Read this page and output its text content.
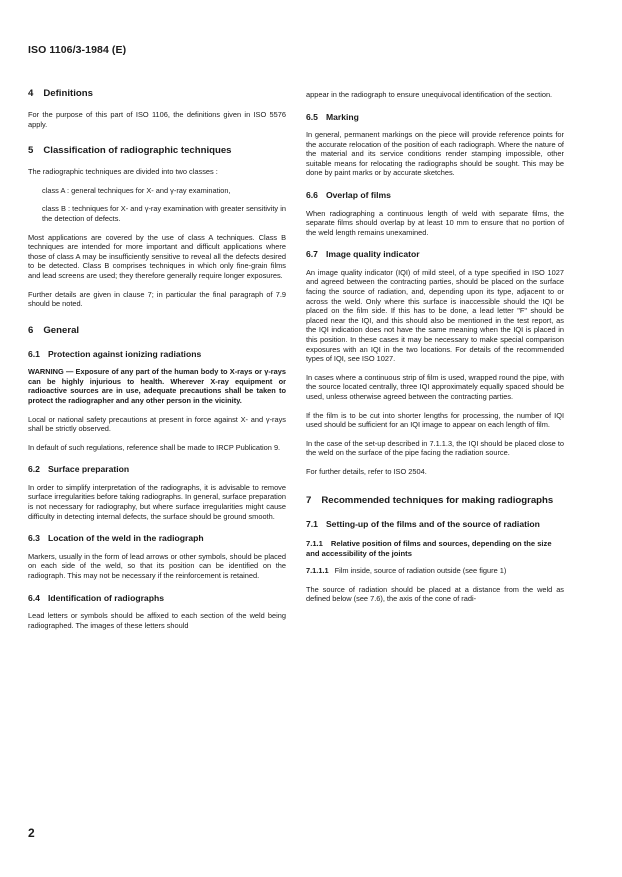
ISO 1106/3-1984 (E)
4 Definitions

For the purpose of this part of ISO 1106, the definitions given in ISO 5576 apply.

5 Classification of radiographic techniques

The radiographic techniques are divided into two classes :

class A : general techniques for X- and γ-ray examination,

class B : techniques for X- and γ-ray examination with greater sensitivity in the detection of defects.

Most applications are covered by the use of class A techniques. Class B techniques are intended for more important and difficult applications where those of class A may be insufficiently sensitive to reveal all the defects desired to be detected. Class B comprises techniques in which only fine-grain films and lead screens are used; they therefore generally require longer exposures.

Further details are given in clause 7; in particular the final paragraph of 7.9 should be noted.

6 General
6.1 Protection against ionizing radiations

WARNING — Exposure of any part of the human body to X-rays or γ-rays can be highly injurious to health. Wherever X-ray equipment or radioactive sources are in use, adequate precautions shall be taken to protect the radiographer and any other person in the vicinity.

Local or national safety precautions at present in force against X- and γ-rays shall be strictly observed.

In default of such regulations, reference shall be made to IRCP Publication 9.

6.2 Surface preparation

In order to simplify interpretation of the radiographs, it is advisable to remove surface irregularities before taking radiographs. In general, surface preparation is not necessary for radiography, but where surface irregularities might cause difficulty in detecting internal defects, the surface should be ground smooth.

6.3 Location of the weld in the radiograph

Markers, usually in the form of lead arrows or other symbols, should be placed on each side of the weld, so that its position can be identified on the radiograph. This may not be necessary if the reinforcement is retained.

6.4 Identification of radiographs

Lead letters or symbols should be affixed to each section of the weld being radiographed. The images of these letters should

appear in the radiograph to ensure unequivocal identification of the section.

6.5 Marking

In general, permanent markings on the piece will provide reference points for the accurate relocation of the position of each radiograph. Where the nature of the material and its service conditions render stamping impossible, other suitable means for relocating the radiographs should be sought. This may be done by paint marks or by accurate sketches.

6.6 Overlap of films

When radiographing a continuous length of weld with separate films, the separate films should overlap by at least 10 mm to ensure that no portion of the weld length remains unexamined.

6.7 Image quality indicator

An image quality indicator (IQI) of mild steel, of a type specified in ISO 1027 and agreed between the contracting parties, should be placed on the surface facing the source of radiation, and, depending upon its type, adjacent to or across the weld. Only where this surface is inaccessible should the IQI be placed on the film side. If this has to be done, a lead letter "F" should be placed near the IQI, and this should also be mentioned in the test report, as the IQI indication does not have the same meaning when the IQI is placed in this position. In these cases it may be necessary to make special comparison exposures with an IQI in the two locations. For details of the recommended types of IQI, see ISO 1027.

In cases where a continuous strip of film is used, wrapped round the pipe, with the source located centrally, three IQI approximately equally spaced should be used, unless otherwise agreed between the contracting parties.

If the film is to be cut into shorter lengths for processing, the number of IQI used should be sufficient for an IQI image to appear on each length of film.

In the case of the set-up described in 7.1.1.3, the IQI should be placed close to the weld on the surface of the pipe facing the radiation source.

For further details, refer to ISO 2504.

7 Recommended techniques for making radiographs
7.1 Setting-up of the films and of the source of radiation
7.1.1 Relative position of films and sources, depending on the size and accessibility of the joints

7.1.1.1 Film inside, source of radiation outside (see figure 1)

The source of radiation should be placed at a distance from the weld as defined below (see 7.6), the axis of the cone of radi-

2
